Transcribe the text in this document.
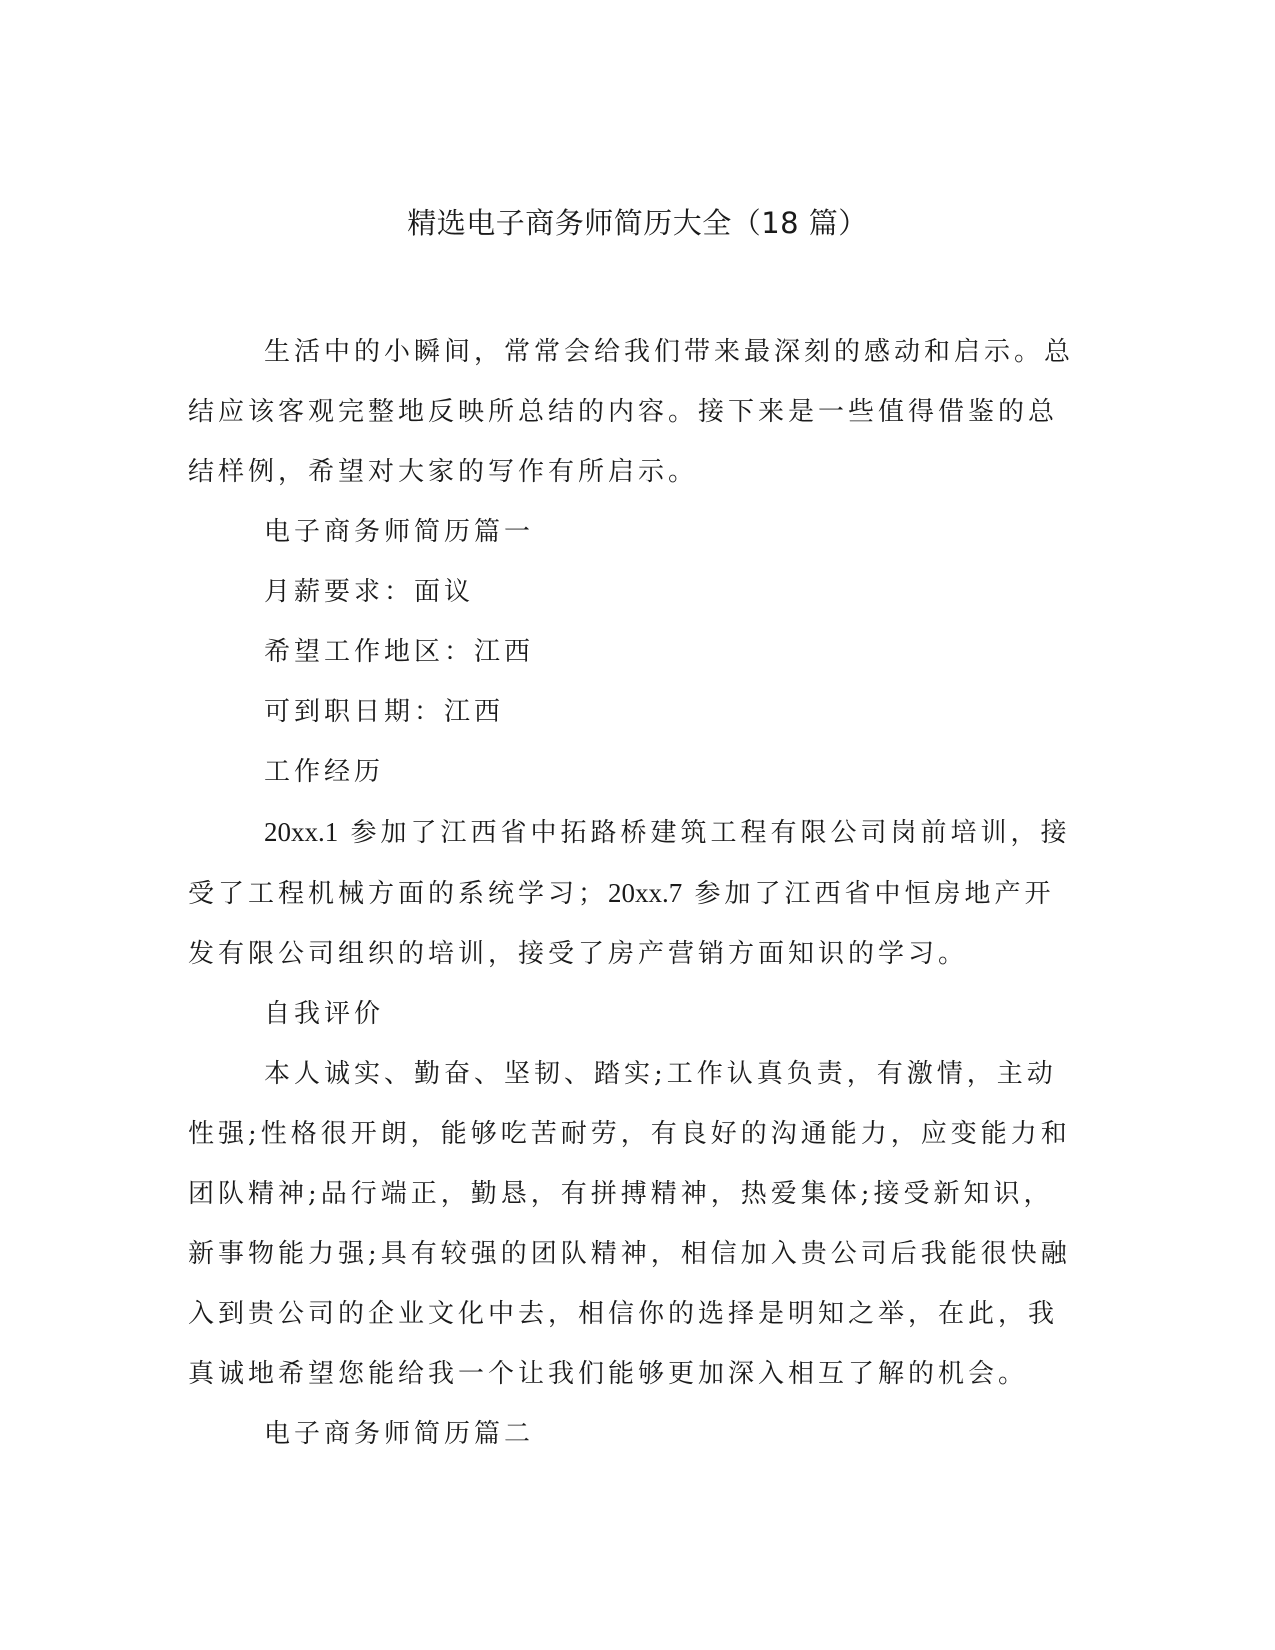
精选电子商务师简历大全（18 篇）

生活中的小瞬间，常常会给我们带来最深刻的感动和启示。总结应该客观完整地反映所总结的内容。接下来是一些值得借鉴的总结样例，希望对大家的写作有所启示。

电子商务师简历篇一

月薪要求：面议

希望工作地区：江西

可到职日期：江西

工作经历

20xx.1 参加了江西省中拓路桥建筑工程有限公司岗前培训，接受了工程机械方面的系统学习；20xx.7 参加了江西省中恒房地产开发有限公司组织的培训，接受了房产营销方面知识的学习。

自我评价

本人诚实、勤奋、坚韧、踏实;工作认真负责，有激情，主动性强;性格很开朗，能够吃苦耐劳，有良好的沟通能力，应变能力和团队精神;品行端正，勤恳，有拼搏精神，热爱集体;接受新知识，新事物能力强;具有较强的团队精神，相信加入贵公司后我能很快融入到贵公司的企业文化中去，相信你的选择是明知之举，在此，我真诚地希望您能给我一个让我们能够更加深入相互了解的机会。

电子商务师简历篇二
